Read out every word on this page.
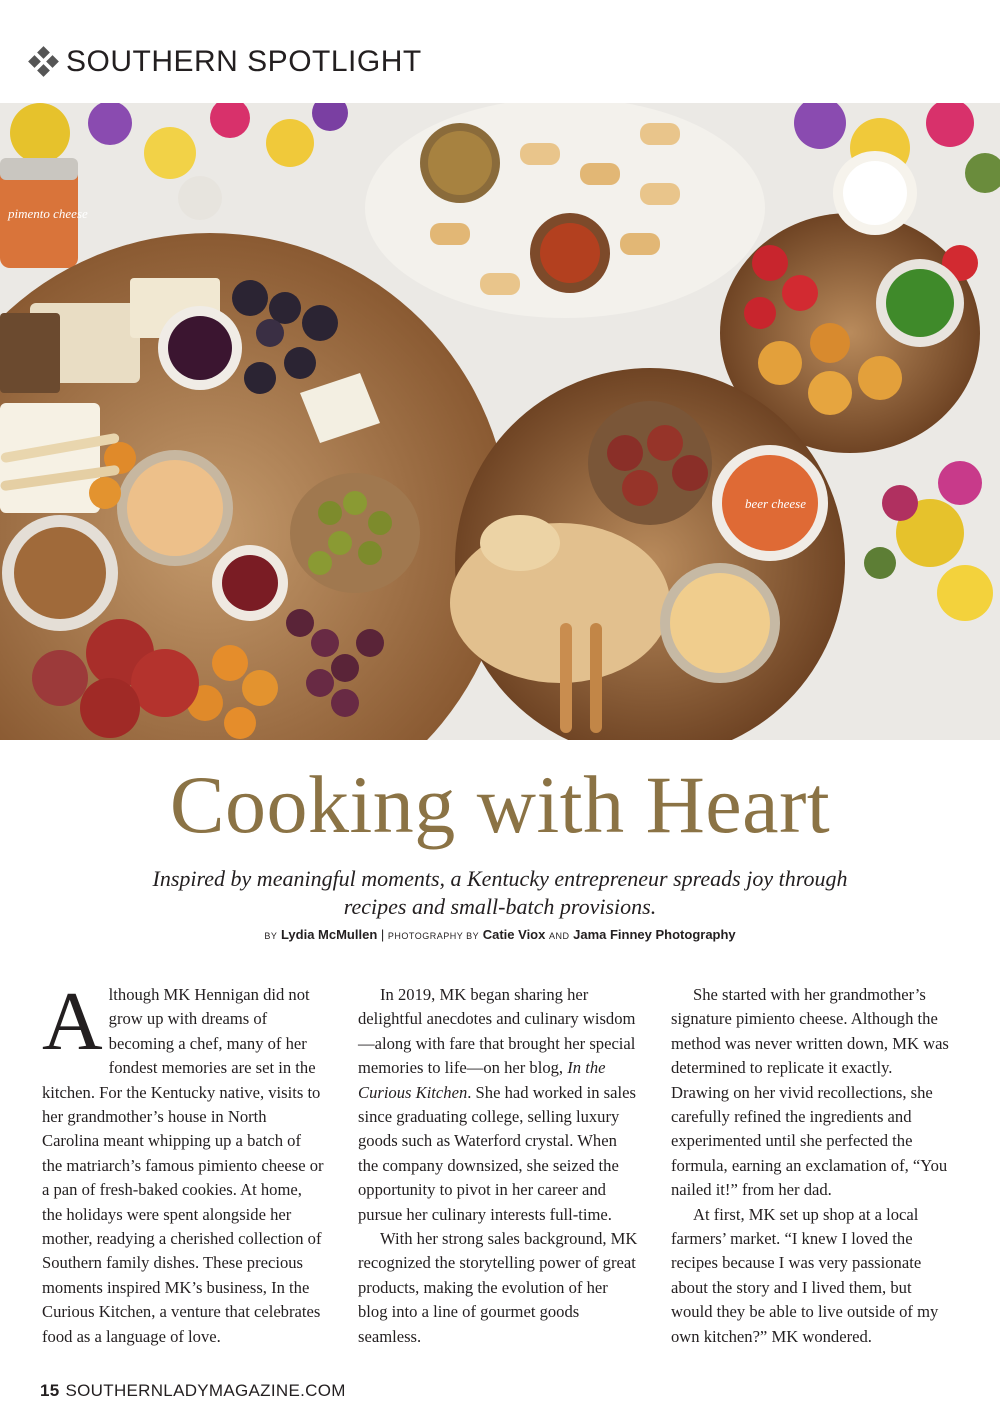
SOUTHERN SPOTLIGHT
pimento cheese
beer cheese
Cooking with Heart
Inspired by meaningful moments, a Kentucky entrepreneur spreads joy through recipes and small-batch provisions.
BY Lydia McMullen | PHOTOGRAPHY BY Catie Viox AND Jama Finney Photography

Although MK Hennigan did not grow up with dreams of becoming a chef, many of her fondest memories are set in the kitchen. For the Kentucky native, visits to her grandmother’s house in North Carolina meant whipping up a batch of the matriarch’s famous pimiento cheese or a pan of fresh-baked cookies. At home, the holidays were spent alongside her mother, readying a cherished collection of Southern family dishes. These precious moments inspired MK’s business, In the Curious Kitchen, a venture that celebrates food as a language of love.

In 2019, MK began sharing her delightful anecdotes and culinary wisdom—along with fare that brought her special memories to life—on her blog, In the Curious Kitchen. She had worked in sales since graduating college, selling luxury goods such as Waterford crystal. When the company downsized, she seized the opportunity to pivot in her career and pursue her culinary interests full-time.

With her strong sales background, MK recognized the storytelling power of great products, making the evolution of her blog into a line of gourmet goods seamless.

She started with her grandmother’s signature pimiento cheese. Although the method was never written down, MK was determined to replicate it exactly. Drawing on her vivid recollections, she carefully refined the ingredients and experimented until she perfected the formula, earning an exclamation of, “You nailed it!” from her dad.

At first, MK set up shop at a local farmers’ market. “I knew I loved the recipes because I was very passionate about the story and I lived them, but would they be able to live outside of my own kitchen?” MK wondered.

15 SOUTHERNLADYMAGAZINE.COM
